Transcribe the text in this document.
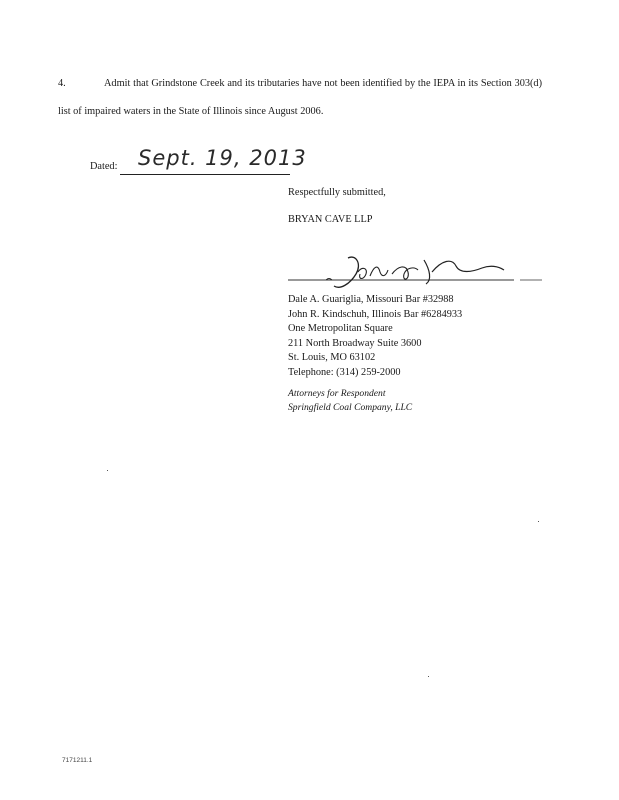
4.	Admit that Grindstone Creek and its tributaries have not been identified by the IEPA in its Section 303(d) list of impaired waters in the State of Illinois since August 2006.

Dated: Sept. 19, 2013
Respectfully submitted,
BRYAN CAVE LLP
Dale A. Guariglia, Missouri Bar #32988
John R. Kindschuh, Illinois Bar #6284933
One Metropolitan Square
211 North Broadway Suite 3600
St. Louis, MO 63102
Telephone: (314) 259-2000
Attorneys for Respondent
Springfield Coal Company, LLC
7171211.1
